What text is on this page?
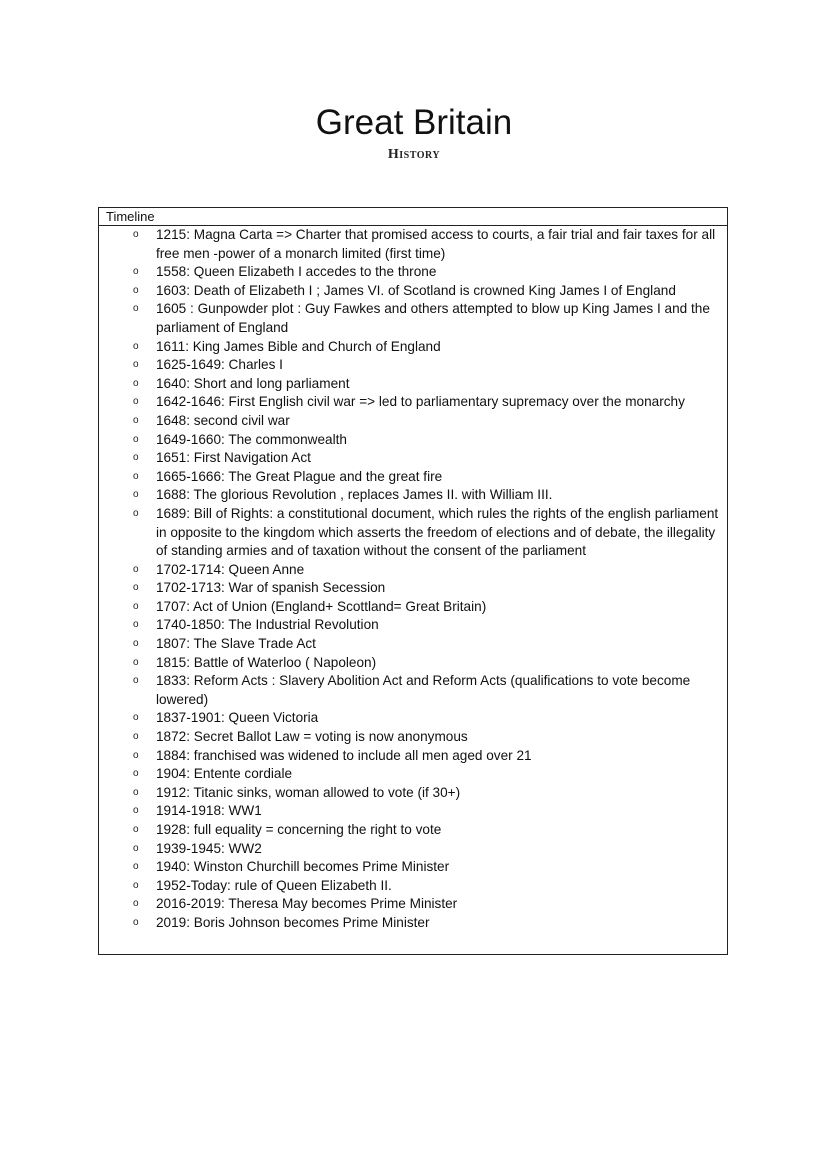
Great Britain
History
Timeline
o	1215: Magna Carta => Charter that promised access to courts, a fair trial and fair taxes for all free men -power of a monarch limited (first time)
o	1558: Queen Elizabeth I accedes to the throne
o	1603: Death of Elizabeth I ; James VI. of Scotland is crowned King James I of England
o	1605 : Gunpowder plot : Guy Fawkes and others attempted to blow up King James I and the parliament of England
o	1611: King James Bible and Church of England
o	1625-1649: Charles I
o	1640: Short and long parliament
o	1642-1646: First English civil war => led to parliamentary supremacy over the monarchy
o	1648: second civil war
o	1649-1660: The commonwealth
o	1651: First Navigation Act
o	1665-1666: The Great Plague and the great fire
o	1688: The glorious Revolution , replaces James II. with William III.
o	1689: Bill of Rights: a constitutional document, which rules the rights of the english parliament in opposite to the kingdom which asserts the freedom of elections and of debate, the illegality of standing armies and of taxation without the consent of the parliament
o	1702-1714: Queen Anne
o	1702-1713: War of spanish Secession
o	1707: Act of Union (England+ Scottland= Great Britain)
o	1740-1850: The Industrial Revolution
o	1807: The Slave Trade Act
o	1815: Battle of Waterloo ( Napoleon)
o	1833: Reform Acts : Slavery Abolition Act and Reform Acts (qualifications to vote become lowered)
o	1837-1901: Queen Victoria
o	1872: Secret Ballot Law = voting is now anonymous
o	1884: franchised was widened to include all men aged over 21
o	1904: Entente cordiale
o	1912: Titanic sinks, woman allowed to vote (if 30+)
o	1914-1918: WW1
o	1928: full equality = concerning the right to vote
o	1939-1945: WW2
o	1940: Winston Churchill becomes Prime Minister
o	1952-Today: rule of Queen Elizabeth II.
o	2016-2019: Theresa May becomes Prime Minister
o	2019: Boris Johnson becomes Prime Minister
